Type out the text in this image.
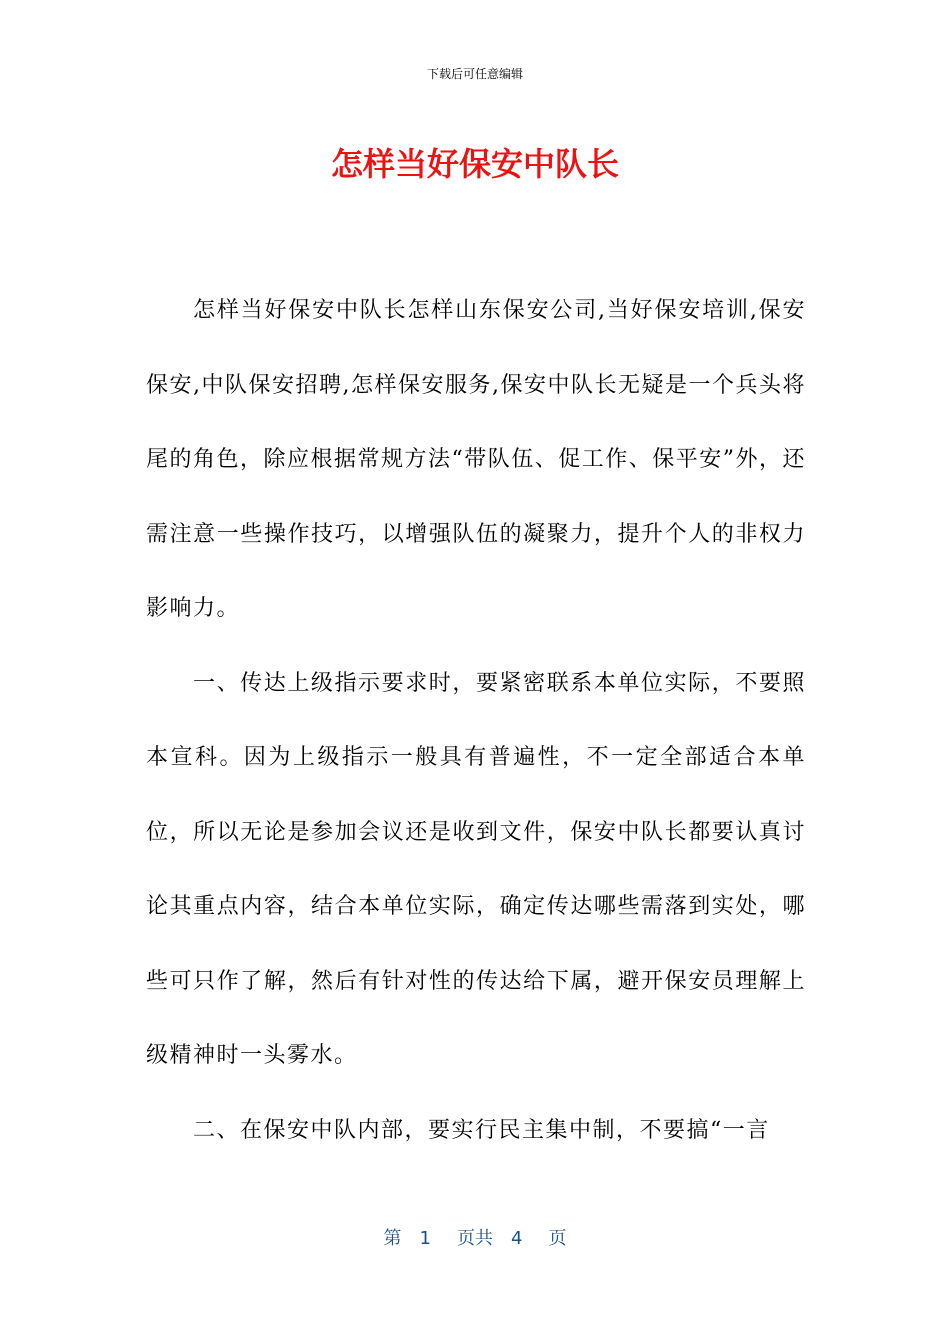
下载后可任意编辑
怎样当好保安中队长

怎样当好保安中队长怎样山东保安公司,当好保安培训,保安保安,中队保安招聘,怎样保安服务,保安中队长无疑是一个兵头将尾的角色，除应根据常规方法“带队伍、促工作、保平安”外，还需注意一些操作技巧，以增强队伍的凝聚力，提升个人的非权力影响力。

一、传达上级指示要求时，要紧密联系本单位实际，不要照本宣科。因为上级指示一般具有普遍性，不一定全部适合本单位，所以无论是参加会议还是收到文件，保安中队长都要认真讨论其重点内容，结合本单位实际，确定传达哪些需落到实处，哪些可只作了解，然后有针对性的传达给下属，避开保安员理解上级精神时一头雾水。

二、在保安中队内部，要实行民主集中制，不要搞“一言

第 1 页共 4 页
